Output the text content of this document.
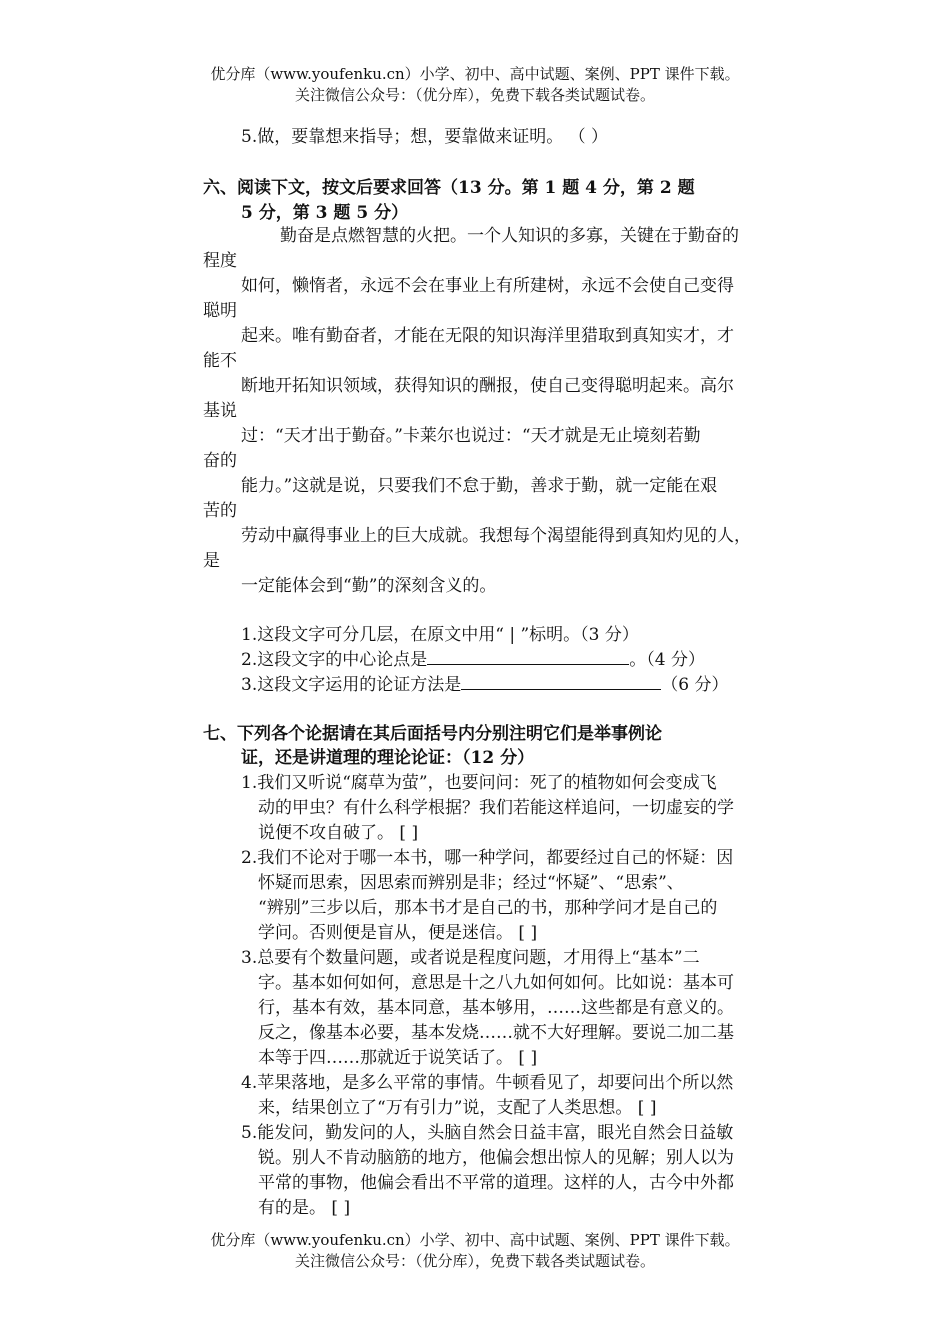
优分库（www.youfenku.cn）小学、初中、高中试题、案例、PPT 课件下载。
关注微信公众号：（优分库），免费下载各类试题试卷。
5.做，要靠想来指导；想，要靠做来证明。 （ ）
六、阅读下文，按文后要求回答（13 分。第 1 题 4 分，第 2 题
5 分，第 3 题 5 分）
勤奋是点燃智慧的火把。一个人知识的多寡，关键在于勤奋的
程度
如何，懒惰者，永远不会在事业上有所建树，永远不会使自己变得
聪明
起来。唯有勤奋者，才能在无限的知识海洋里猎取到真知实才，才
能不
断地开拓知识领域，获得知识的酬报，使自己变得聪明起来。高尔
基说
过：“天才出于勤奋。”卡莱尔也说过：“天才就是无止境刻若勤
奋的
能力。”这就是说，只要我们不怠于勤，善求于勤，就一定能在艰
苦的
劳动中赢得事业上的巨大成就。我想每个渴望能得到真知灼见的人，
是
一定能体会到“勤”的深刻含义的。
1.这段文字可分几层，在原文中用“ | ”标明。（3 分）
2.这段文字的中心论点是	。（4 分）
3.这段文字运用的论证方法是	（6 分）
七、下列各个论据请在其后面括号内分别注明它们是举事例论
证，还是讲道理的理论论证：（12 分）
1.我们又听说“腐草为萤”，也要问问：死了的植物如何会变成飞
动的甲虫？有什么科学根据？我们若能这样追问，一切虚妄的学
说便不攻自破了。 [ ]
2.我们不论对于哪一本书，哪一种学问，都要经过自己的怀疑：因
怀疑而思索，因思索而辨别是非；经过“怀疑”、“思索”、
“辨别”三步以后，那本书才是自己的书，那种学问才是自己的
学问。否则便是盲从，便是迷信。 [ ]
3.总要有个数量问题，或者说是程度问题，才用得上“基本”二
字。基本如何如何，意思是十之八九如何如何。比如说：基本可
行，基本有效，基本同意，基本够用，……这些都是有意义的。
反之，像基本必要，基本发烧……就不大好理解。要说二加二基
本等于四……那就近于说笑话了。 [ ]
4.苹果落地，是多么平常的事情。牛顿看见了，却要问出个所以然
来，结果创立了“万有引力”说，支配了人类思想。 [ ]
5.能发问，勤发问的人，头脑自然会日益丰富，眼光自然会日益敏
锐。别人不肯动脑筋的地方，他偏会想出惊人的见解；别人以为
平常的事物，他偏会看出不平常的道理。这样的人，古今中外都
有的是。 [ ]
优分库（www.youfenku.cn）小学、初中、高中试题、案例、PPT 课件下载。
关注微信公众号：（优分库），免费下载各类试题试卷。
